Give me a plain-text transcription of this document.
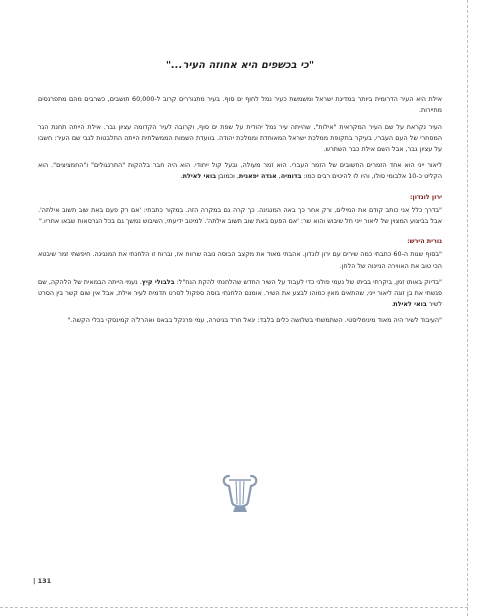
"כי בכשפים היא אחוזה העיר..."

אילת היא העיר הדרומית ביותר במדינת ישראל ומשמשת כעיר נמל לחוף ים סוף. בעיר מתגוררים קרוב ל-60,000 תושבים, כשרבים מהם מתפרנסים מתיירות.

העיר נקראת על שם העיר המקראית "אילות", שהייתה עיר נמל יהודית על שפת ים סוף, וקרובה לעיר הקדומה עציון גבר. אילת הייתה תחנת הגר המסחרי של העם העברי, בעיקר בתקופת ממלכת ישראל המאוחדת וממלכת יהודה. בוועדת השמות הממשלתית הייתה התלבטות לגבי שם העיר: חשבו על עציון גבר, אבל השם אילת כבר השתרש.

ליאור ייני הוא אחד הזמרים החשובים של הזמר העברי. הוא זמר מעולה, ובעל קול ייחודי. הוא היה חבר בלהקות "התרנגולים" ו"החמציצים". הוא הקליט כ-10 אלבומי סולו, והיו לו להיטים רבים כמו: בדומיה, אגדה יפאנית, וכמובן בואי לאילת.

ירון לונדון:

"בדרך כלל אני כותב קודם את המילים, ורק אחר כך באה המנגינה. כך קרה גם במקרה הזה. במקור כתבתי: 'אם רק פעם באת שוב תשוב אילתה'. אבל בביצוע המצוין של ליאור ייני חל שיבוש והוא שר: 'אם הפעם באת שוב תשוב אילתה'. למיטב ידיעתי, השיבוש נמשך גם בכל הגרסאות שבאו אחריו."

נורית הירש:

"בסוף שנות ה-60 כתבתי כמה שירים עם ירון לונדון. אהבתי מאוד את מקצב הבוסה נובה שרווח אז, וברוח זו הלחנתי את המנגינה. חיפשתי זמר שיבטא הכי טוב את האווירה הניינוה של הלחן.

"בדיוק באותו זמן, ביקרתי בביתו של נעמי פולני כדי לעבוד על השיר החדש שהלחנתי להקת הנח"ל: בלבולי קיץ. נעמי הייתה הבמאית של הלהקה, שם פגשתי את בן זוגה ליאור ייני, שהתאים מאין כמוהו לבצע את השיר. אומנם הלחנתי בוסה ספקול לסרט תדמית לעיר אילת, אבל אין שום קשר בין הסרט לשיר בואי לאילת.

"העיבוד לשיר היה מאוד מינימליסטי. השתמשתי בשלושה כלים בלבד: יגאל חרד בגיטרה, עמי פרנקל בבאס ואהרל'ה קמינסקי בכלי הקשה."

| 131
